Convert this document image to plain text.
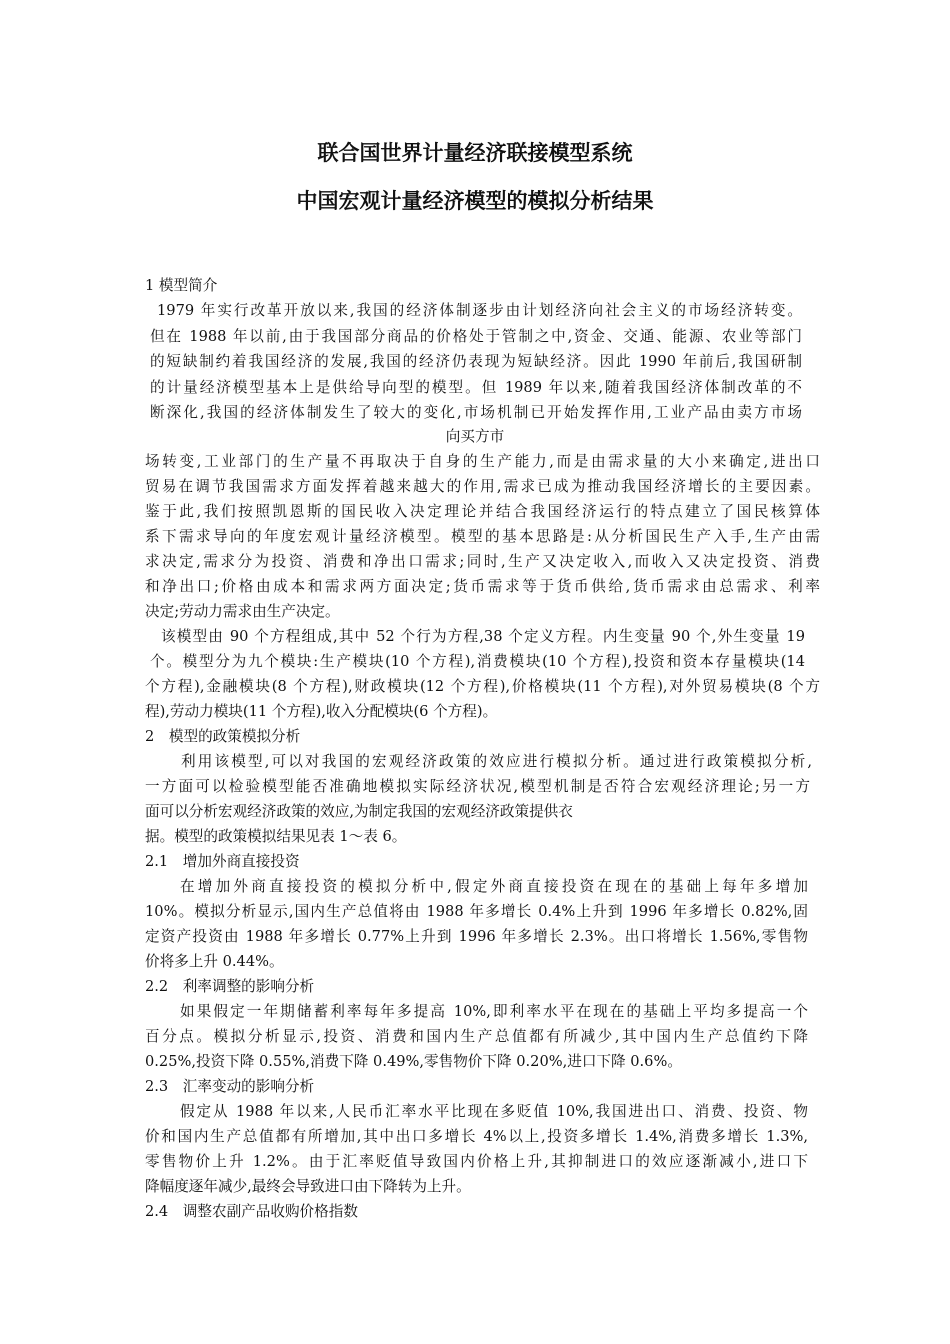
联合国世界计量经济联接模型系统
中国宏观计量经济模型的模拟分析结果
1 模型简介
1979 年实行改革开放以来,我国的经济体制逐步由计划经济向社会主义的市场经济转变。
但在 1988 年以前,由于我国部分商品的价格处于管制之中,资金、交通、能源、农业等部门
的短缺制约着我国经济的发展,我国的经济仍表现为短缺经济。因此 1990 年前后,我国研制
的计量经济模型基本上是供给导向型的模型。但 1989 年以来,随着我国经济体制改革的不
断深化,我国的经济体制发生了较大的变化,市场机制已开始发挥作用,工业产品由卖方市场
向买方市
场转变,工业部门的生产量不再取决于自身的生产能力,而是由需求量的大小来确定,进出口
贸易在调节我国需求方面发挥着越来越大的作用,需求已成为推动我国经济增长的主要因素。
鉴于此,我们按照凯恩斯的国民收入决定理论并结合我国经济运行的特点建立了国民核算体
系下需求导向的年度宏观计量经济模型。模型的基本思路是:从分析国民生产入手,生产由需
求决定,需求分为投资、消费和净出口需求;同时,生产又决定收入,而收入又决定投资、消费
和净出口;价格由成本和需求两方面决定;货币需求等于货币供给,货币需求由总需求、利率
决定;劳动力需求由生产决定。
该模型由 90 个方程组成,其中 52 个行为方程,38 个定义方程。内生变量 90 个,外生变量 19
个。模型分为九个模块:生产模块(10 个方程),消费模块(10 个方程),投资和资本存量模块(14
个方程),金融模块(8 个方程),财政模块(12 个方程),价格模块(11 个方程),对外贸易模块(8 个方
程),劳动力模块(11 个方程),收入分配模块(6 个方程)。
2　模型的政策模拟分析
利用该模型,可以对我国的宏观经济政策的效应进行模拟分析。通过进行政策模拟分析,
一方面可以检验模型能否准确地模拟实际经济状况,模型机制是否符合宏观经济理论;另一方
面可以分析宏观经济政策的效应,为制定我国的宏观经济政策提供衣
据。模型的政策模拟结果见表 1～表 6。
2.1　增加外商直接投资
在增加外商直接投资的模拟分析中,假定外商直接投资在现在的基础上每年多增加
10%。模拟分析显示,国内生产总值将由 1988 年多增长 0.4%上升到 1996 年多增长 0.82%,固
定资产投资由 1988 年多增长 0.77%上升到 1996 年多增长 2.3%。出口将增长 1.56%,零售物
价将多上升 0.44%。
2.2　利率调整的影响分析
如果假定一年期储蓄利率每年多提高 10%,即利率水平在现在的基础上平均多提高一个
百分点。模拟分析显示,投资、消费和国内生产总值都有所减少,其中国内生产总值约下降
0.25%,投资下降 0.55%,消费下降 0.49%,零售物价下降 0.20%,进口下降 0.6%。
2.3　汇率变动的影响分析
假定从 1988 年以来,人民币汇率水平比现在多贬值 10%,我国进出口、消费、投资、物
价和国内生产总值都有所增加,其中出口多增长 4%以上,投资多增长 1.4%,消费多增长 1.3%,
零售物价上升 1.2%。由于汇率贬值导致国内价格上升,其抑制进口的效应逐渐减小,进口下
降幅度逐年减少,最终会导致进口由下降转为上升。
2.4　调整农副产品收购价格指数
